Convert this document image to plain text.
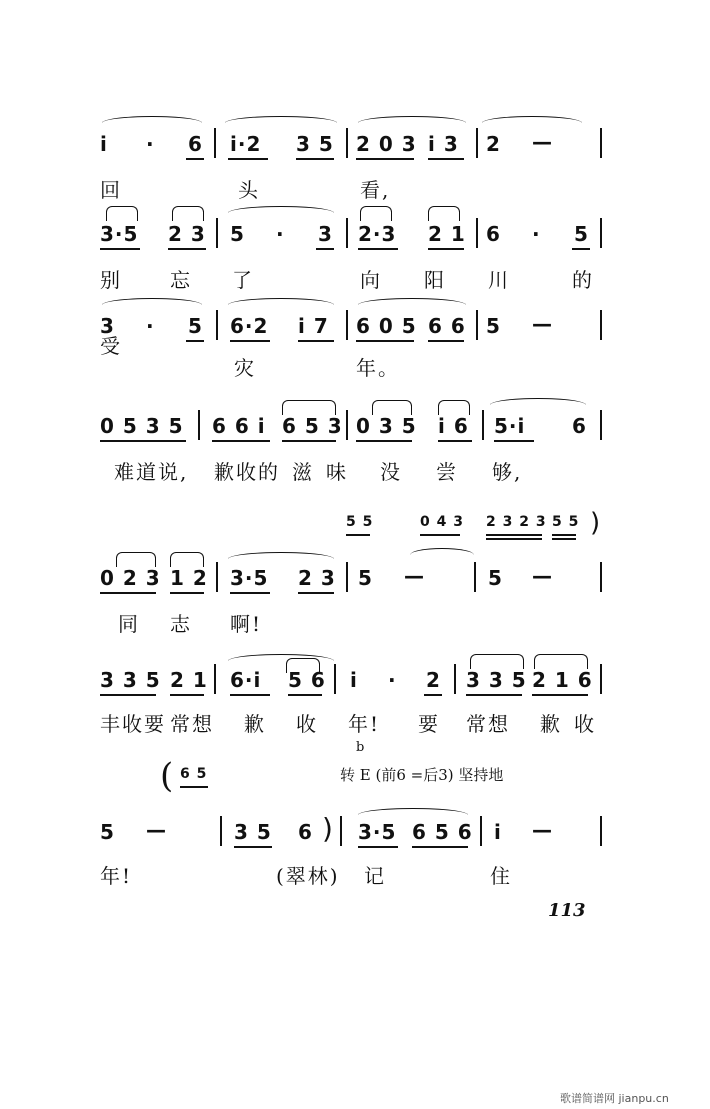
i · 6 i·2 3 5 2 0 3 i 3 2 —
回	头	看,
3·5 2 3 5 · 3 2·3 2 1 6 · 5
别 忘 了	向 阳 川	的
3 · 5 6·2 i 7 6 0 5 6 6 5 —
受
灾	年。
0 5 3 5 6 6 i 6 5 3 0 3 5 i 6 5·i 6
难道说, 歉收的 滋 味 没 尝 够,
5 5	0 4 3 2 3 2 3 5 5 )
0 2 3 1 2 3·5 2 3 5 —	5 —
同 志 啊!
3 3 5 2 1 6·i 5 6 i · 2 3 3 5 2 1 6
丰收要 常想 歉 收 年! 要 常想 歉 收
( 6 5
b
转 E (前6 =后3) 坚持地
5 —	3 5 6 ) 3·5 6 5 6 i —
年!	(翠林) 记	住
113
歌谱简谱网 jianpu.cn
